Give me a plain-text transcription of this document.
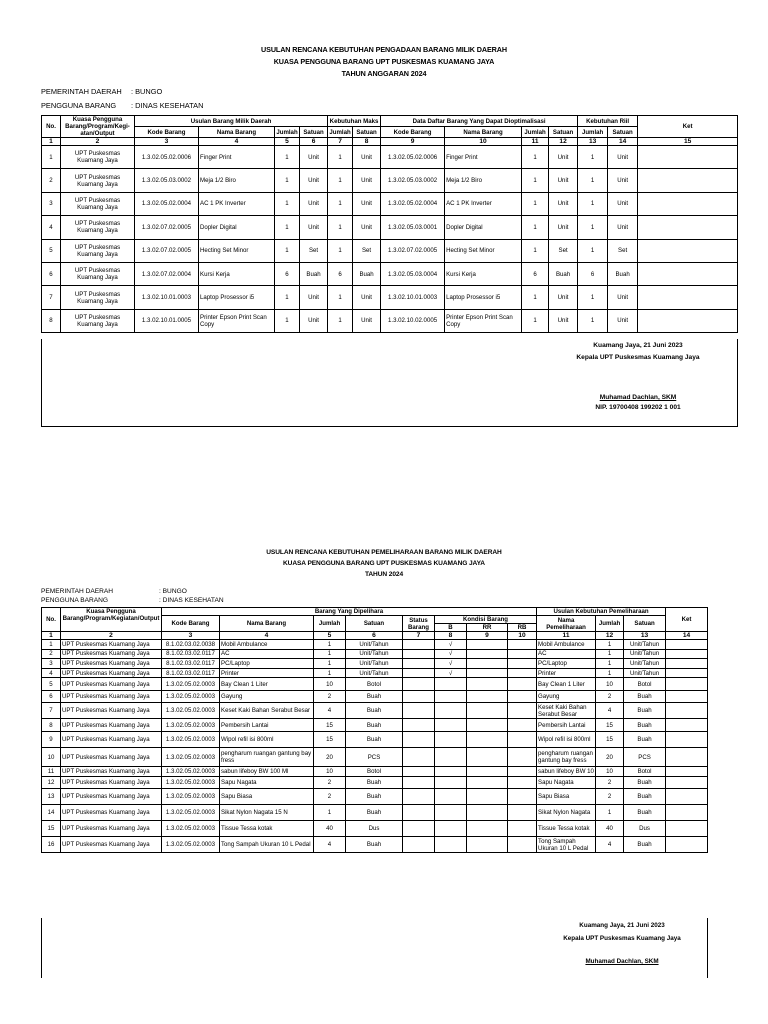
USULAN RENCANA KEBUTUHAN PENGADAAN BARANG MILIK DAERAH
KUASA PENGGUNA BARANG UPT PUSKESMAS KUAMANG JAYA
TAHUN ANGGARAN 2024
PEMERINTAH DAERAH : BUNGO
PENGGUNA BARANG : DINAS KESEHATAN
No.	Kuasa Pengguna Barang/Program/Kegi-atan/Output	Usulan Barang Milik Daerah				Kebutuhan Maks		Data Daftar Barang Yang Dapat Dioptimalisasi				Kebutuhan Riil		Ket
		Kode Barang	Nama Barang	Jumlah	Satuan	Jumlah	Satuan	Kode Barang	Nama Barang	Jumlah	Satuan	Jumlah	Satuan	
1	2	3	4	5	6	7	8	9	10	11	12	13	14	15
1	UPT Puskesmas Kuamang Jaya	1.3.02.05.02.0006	Finger Print	1	Unit	1	Unit	1.3.02.05.02.0006	Finger Print	1	Unit	1	Unit	
2	UPT Puskesmas Kuamang Jaya	1.3.02.05.03.0002	Meja 1/2 Biro	1	Unit	1	Unit	1.3.02.05.03.0002	Meja 1/2 Biro	1	Unit	1	Unit	
3	UPT Puskesmas Kuamang Jaya	1.3.02.05.02.0004	AC 1 PK Inverter	1	Unit	1	Unit	1.3.02.05.02.0004	AC 1 PK Inverter	1	Unit	1	Unit	
4	UPT Puskesmas Kuamang Jaya	1.3.02.07.02.0005	Dopler Digital	1	Unit	1	Unit	1.3.02.05.03.0001	Dopler Digital	1	Unit	1	Unit	
5	UPT Puskesmas Kuamang Jaya	1.3.02.07.02.0005	Hecting Set Minor	1	Set	1	Set	1.3.02.07.02.0005	Hecting Set Minor	1	Set	1	Set	
6	UPT Puskesmas Kuamang Jaya	1.3.02.07.02.0004	Kursi Kerja	6	Buah	6	Buah	1.3.02.05.03.0004	Kursi Kerja	6	Buah	6	Buah	
7	UPT Puskesmas Kuamang Jaya	1.3.02.10.01.0003	Laptop Prosessor i5	1	Unit	1	Unit	1.3.02.10.01.0003	Laptop Prosessor i5	1	Unit	1	Unit	
8	UPT Puskesmas Kuamang Jaya	1.3.02.10.01.0005	Printer Epson Print Scan Copy	1	Unit	1	Unit	1.3.02.10.02.0005	Printer Epson Print Scan Copy	1	Unit	1	Unit	
Kuamang Jaya, 21 Juni 2023
Kepala UPT Puskesmas Kuamang Jaya
Muhamad Dachlan, SKM
NIP. 19700408 199202 1 001
USULAN RENCANA KEBUTUHAN PEMELIHARAAN BARANG MILIK DAERAH
KUASA PENGGUNA BARANG UPT PUSKESMAS KUAMANG JAYA
TAHUN 2024
PEMERINTAH DAERAH	: BUNGO
PENGGUNA BARANG	: DINAS KESEHATAN
No.	Kuasa Pengguna Barang/Program/Kegiatan/Output	Barang Yang Dipelihara								Usulan Kebutuhan Pemeliharaan			Ket
		Kode Barang	Nama Barang	Jumlah	Satuan	Status Barang	Kondisi Barang			Nama Pemeliharaan	Jumlah	Satuan	
							B	RR	RB				
1	2	3	4	5	6	7	8	9	10	11	12	13	14
1	UPT Puskesmas Kuamang Jaya	8.1.02.03.02.0038	Mobil Ambulance	1	Unit/Tahun		√			Mobil Ambulance	1	Unit/Tahun	
2	UPT Puskesmas Kuamang Jaya	8.1.02.03.02.0117	AC	1	Unit/Tahun		√			AC	1	Unit/Tahun	
3	UPT Puskesmas Kuamang Jaya	8.1.02.03.02.0117	PC/Laptop	1	Unit/Tahun		√			PC/Laptop	1	Unit/Tahun	
4	UPT Puskesmas Kuamang Jaya	8.1.02.03.02.0117	Printer	1	Unit/Tahun		√			Printer	1	Unit/Tahun	
5	UPT Puskesmas Kuamang Jaya	1.3.02.05.02.0003	Bay Clean 1 Liter	10	Botol					Bay Clean 1 Liter	10	Botol	
6	UPT Puskesmas Kuamang Jaya	1.3.02.05.02.0003	Gayung	2	Buah					Gayung	2	Buah	
7	UPT Puskesmas Kuamang Jaya	1.3.02.05.02.0003	Keset Kaki Bahan Serabut Besar	4	Buah					Keset Kaki Bahan Serabut Besar	4	Buah	
8	UPT Puskesmas Kuamang Jaya	1.3.02.05.02.0003	Pembersih Lantai	15	Buah					Pembersih Lantai	15	Buah	
9	UPT Puskesmas Kuamang Jaya	1.3.02.05.02.0003	Wipol refil isi 800ml	15	Buah					Wipol refil isi 800ml	15	Buah	
10	UPT Puskesmas Kuamang Jaya	1.3.02.05.02.0003	pengharum ruangan gantung bay fress	20	PCS					pengharum ruangan gantung bay fress	20	PCS	
11	UPT Puskesmas Kuamang Jaya	1.3.02.05.02.0003	sabun lifeboy BW 100 Ml	10	Botol					sabun lifeboy BW 10	10	Botol	
12	UPT Puskesmas Kuamang Jaya	1.3.02.05.02.0003	Sapu Nagata	2	Buah					Sapu Nagata	2	Buah	
13	UPT Puskesmas Kuamang Jaya	1.3.02.05.02.0003	Sapu Biasa	2	Buah					Sapu Biasa	2	Buah	
14	UPT Puskesmas Kuamang Jaya	1.3.02.05.02.0003	Sikat Nylon Nagata 15 N	1	Buah					Sikat Nylon Nagata	1	Buah	
15	UPT Puskesmas Kuamang Jaya	1.3.02.05.02.0003	Tissue Tessa kotak	40	Dus					Tissue Tessa kotak	40	Dus	
16	UPT Puskesmas Kuamang Jaya	1.3.02.05.02.0003	Tong Sampah Ukuran 10 L Pedal	4	Buah					Tong Sampah Ukuran 10 L Pedal	4	Buah	
Kuamang Jaya, 21 Juni 2023
Kepala UPT Puskesmas Kuamang Jaya
Muhamad Dachlan, SKM
